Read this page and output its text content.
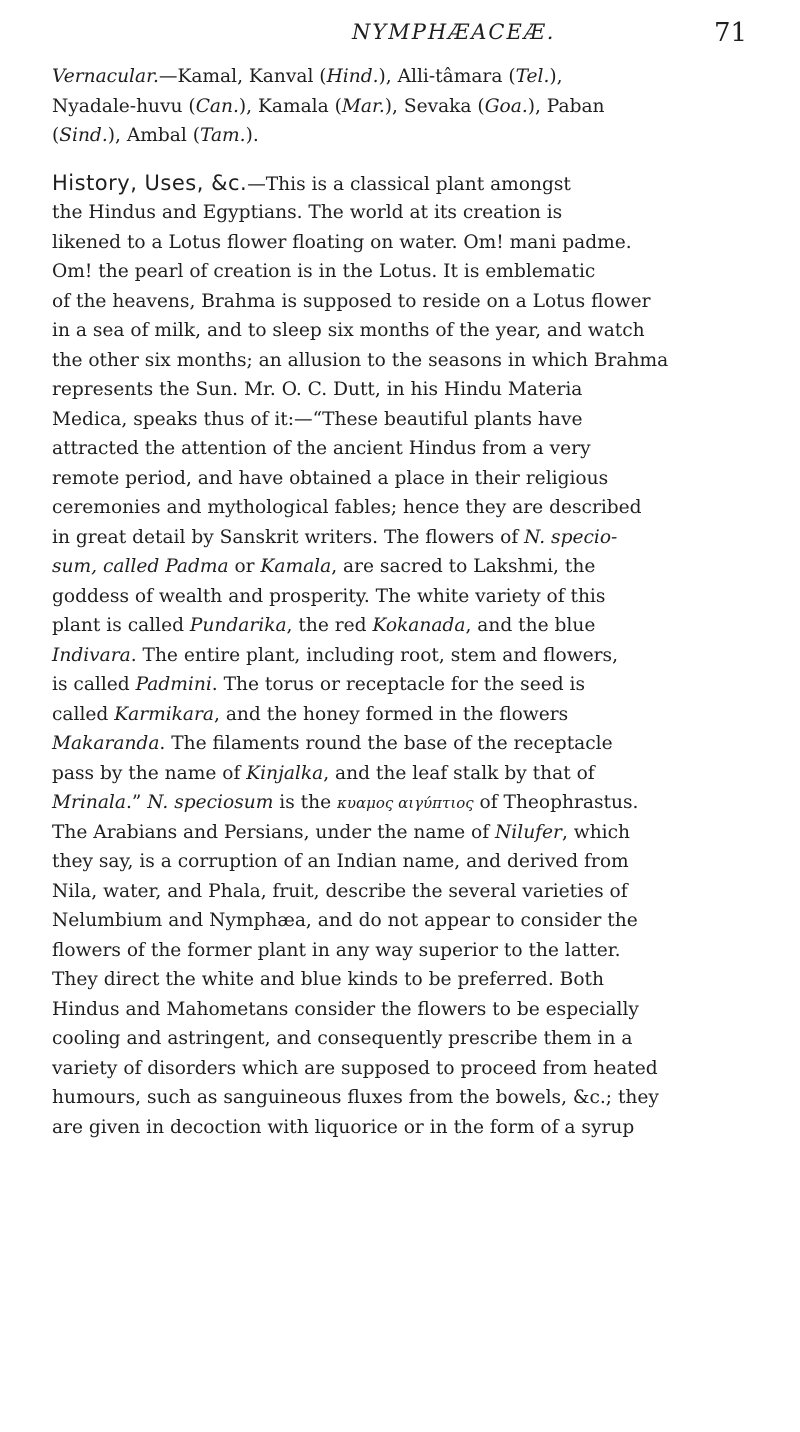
NYMPHÆACEÆ.	71
Vernacular.—Kamal, Kanval (Hind.), Alli-tâmara (Tel.),
Nyadale-huvu (Can.), Kamala (Mar.), Sevaka (Goa.), Paban
(Sind.), Ambal (Tam.).
History, Uses, &c.—This is a classical plant amongst
the Hindus and Egyptians. The world at its creation is
likened to a Lotus flower floating on water. Om! mani padme.
Om! the pearl of creation is in the Lotus. It is emblematic
of the heavens, Brahma is supposed to reside on a Lotus flower
in a sea of milk, and to sleep six months of the year, and watch
the other six months; an allusion to the seasons in which Brahma
represents the Sun. Mr. O. C. Dutt, in his Hindu Materia
Medica, speaks thus of it:—“These beautiful plants have
attracted the attention of the ancient Hindus from a very
remote period, and have obtained a place in their religious
ceremonies and mythological fables; hence they are described
in great detail by Sanskrit writers. The flowers of N. specio-
sum, called Padma or Kamala, are sacred to Lakshmi, the
goddess of wealth and prosperity. The white variety of this
plant is called Pundarika, the red Kokanada, and the blue
Indivara. The entire plant, including root, stem and flowers,
is called Padmini. The torus or receptacle for the seed is
called Karmikara, and the honey formed in the flowers
Makaranda. The filaments round the base of the receptacle
pass by the name of Kinjalka, and the leaf stalk by that of
Mrinala.” N. speciosum is the κυαμος αιγύπτιος of Theophrastus.
The Arabians and Persians, under the name of Nilufer, which
they say, is a corruption of an Indian name, and derived from
Nila, water, and Phala, fruit, describe the several varieties of
Nelumbium and Nymphæa, and do not appear to consider the
flowers of the former plant in any way superior to the latter.
They direct the white and blue kinds to be preferred. Both
Hindus and Mahometans consider the flowers to be especially
cooling and astringent, and consequently prescribe them in a
variety of disorders which are supposed to proceed from heated
humours, such as sanguineous fluxes from the bowels, &c.; they
are given in decoction with liquorice or in the form of a syrup
